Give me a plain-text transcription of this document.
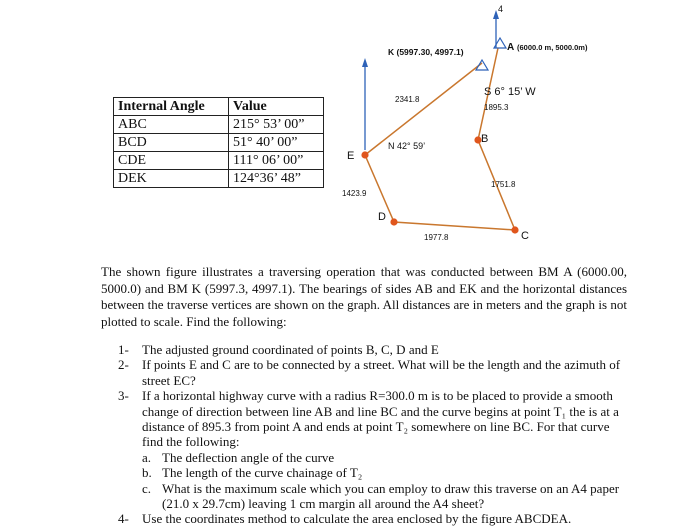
Internal Angle	Value
ABC	215° 53’ 00”
BCD	51° 40’ 00”
CDE	111° 06’ 00”
DEK	124°36’ 48”
4
K (5997.30, 4997.1)	A (6000.0 m, 5000.0m)
S 6° 15’ W
1895.3
2341.8
N 42° 59’
B
1751.8
E
1423.9
D
1977.8	C

The shown figure illustrates a traversing operation that was conducted between BM A (6000.00, 5000.0) and BM K (5997.3, 4997.1). The bearings of sides AB and EK and the horizontal distances between the traverse vertices are shown on the graph. All distances are in meters and the graph is not plotted to scale. Find the following:

1- The adjusted ground coordinated of points B, C, D and E
2- If points E and C are to be connected by a street. What will be the length and the azimuth of street EC?
3- If a horizontal highway curve with a radius R=300.0 m is to be placed to provide a smooth change of direction between line AB and line BC and the curve begins at point T₁ the is at a distance of 895.3 from point A and ends at point T₂ somewhere on line BC. For that curve find the following:
a. The deflection angle of the curve
b. The length of the curve chainage of T₂
c. What is the maximum scale which you can employ to draw this traverse on an A4 paper (21.0 x 29.7cm) leaving 1 cm margin all around the A4 sheet?
4- Use the coordinates method to calculate the area enclosed by the figure ABCDEA.
